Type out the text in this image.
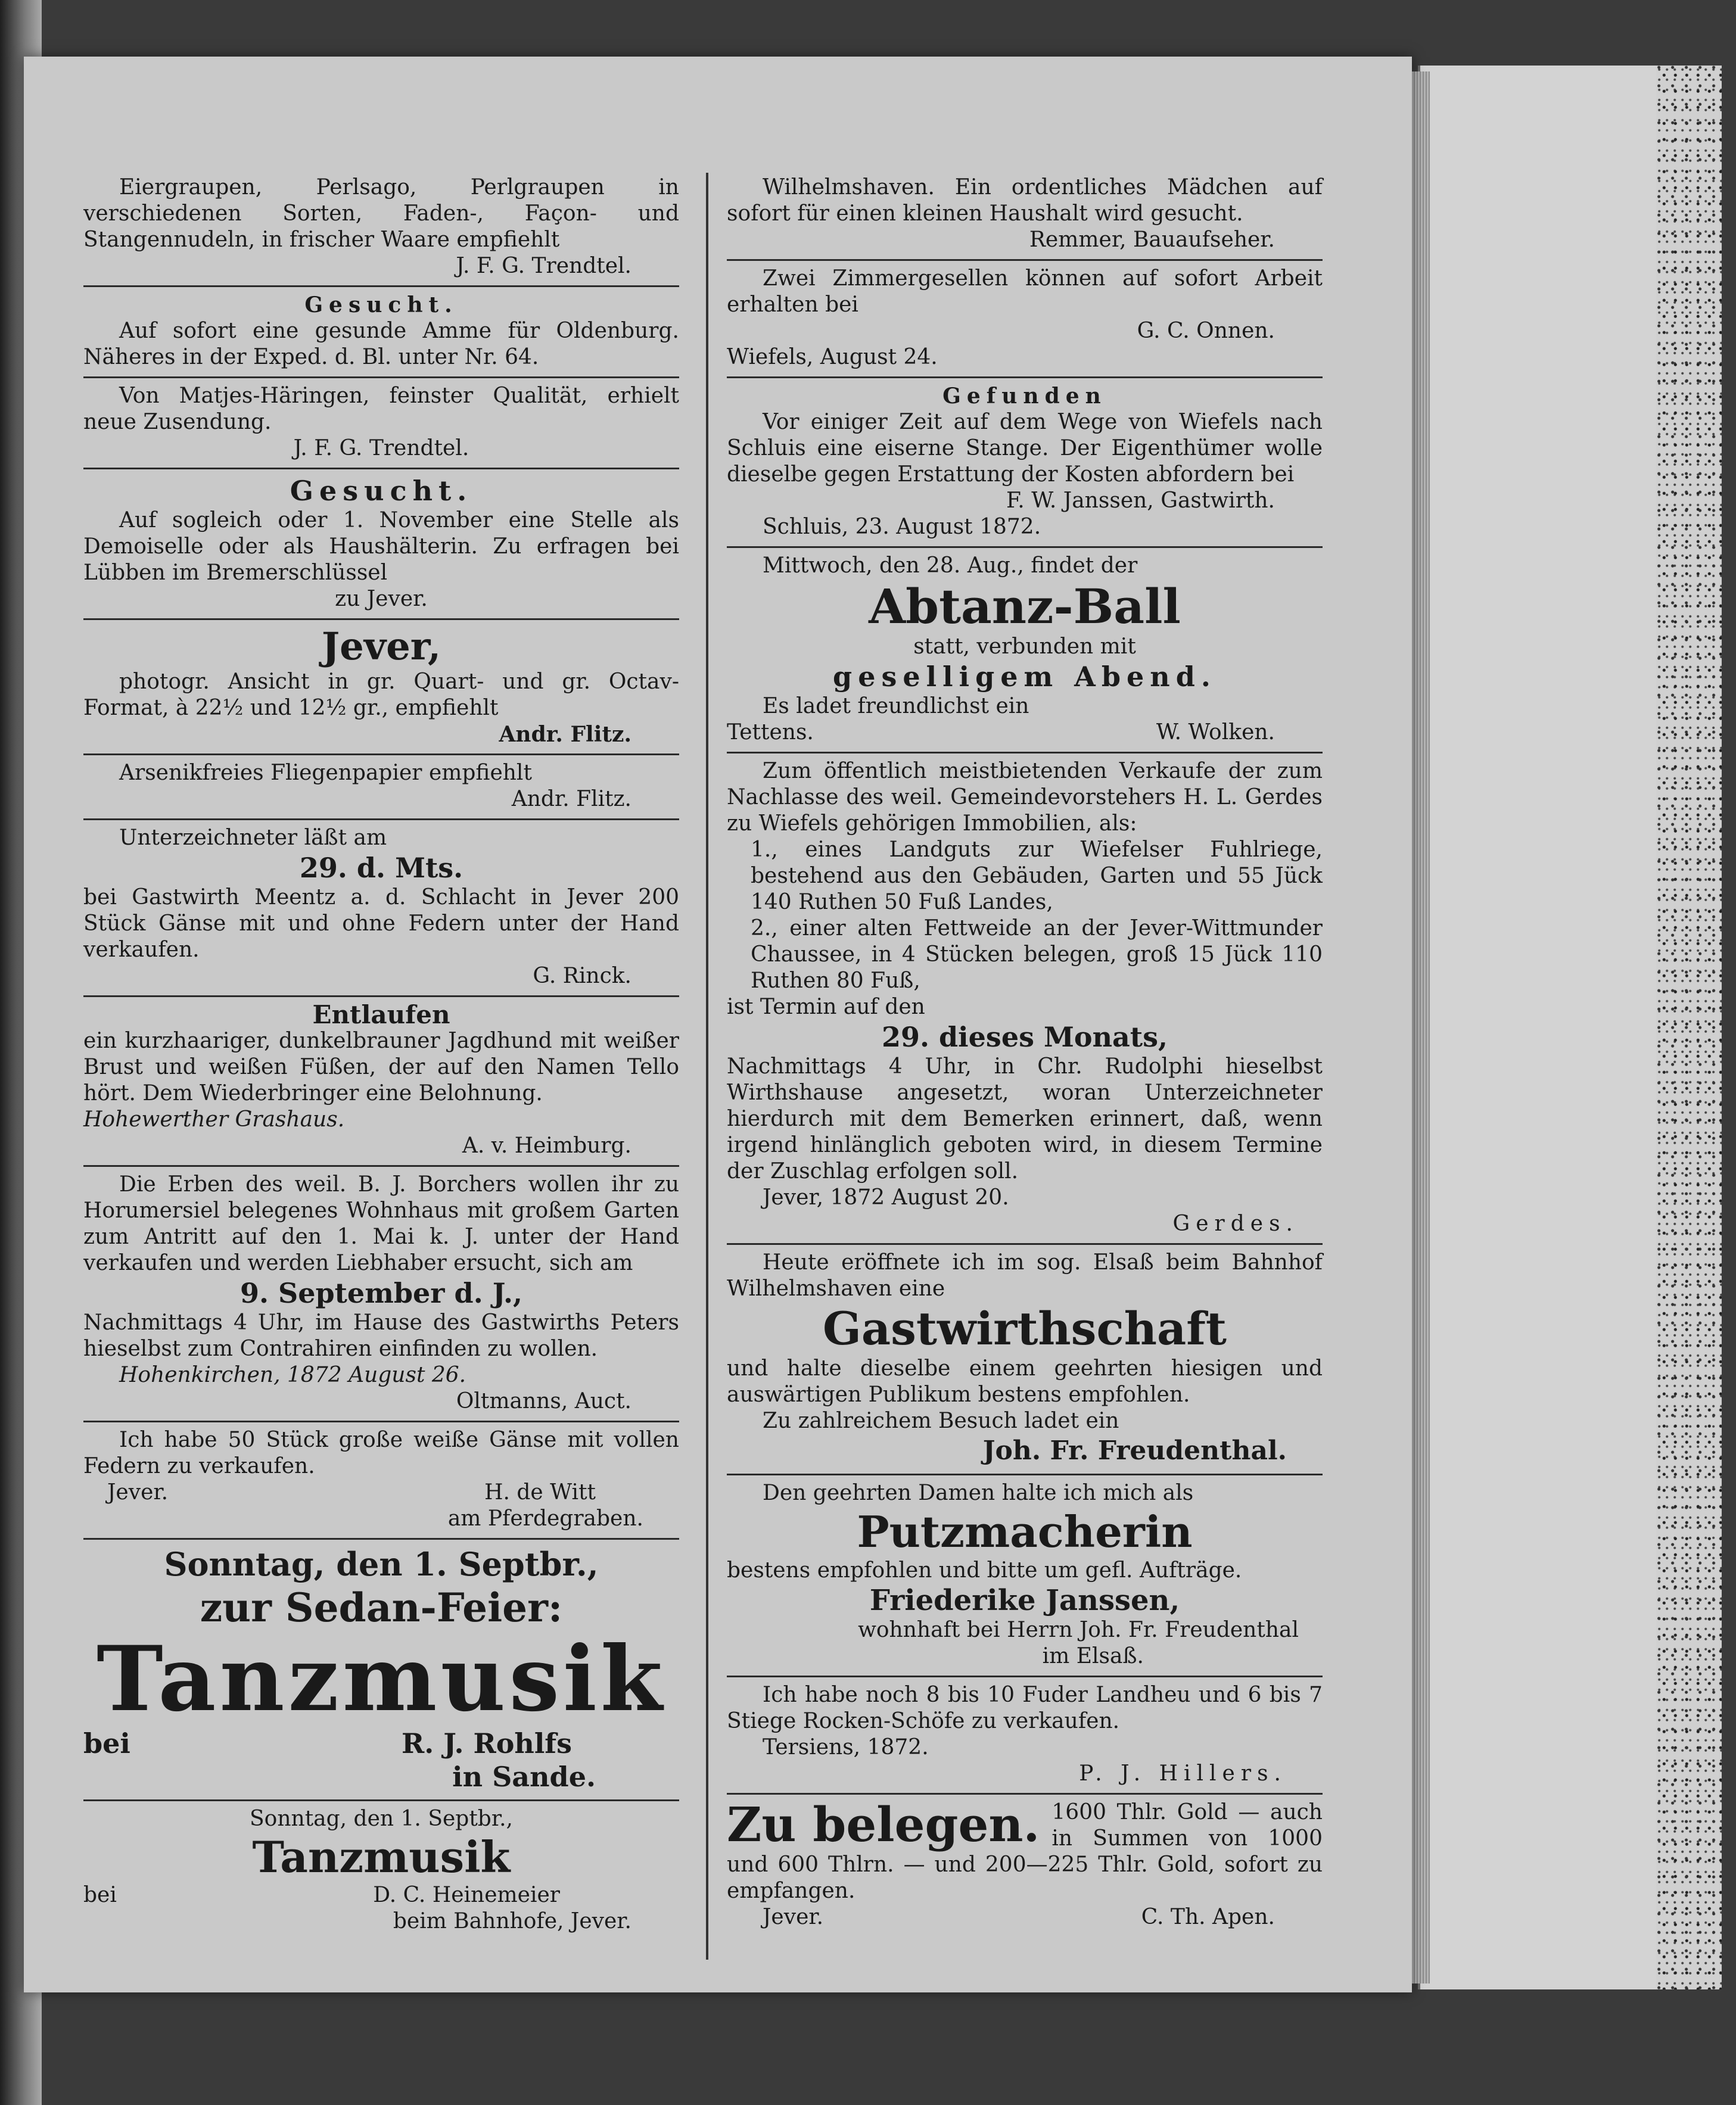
Eiergraupen, Perlsago, Perlgraupen in verschiedenen Sorten, Faden-, Façon- und Stangennudeln, in frischer Waare empfiehlt

J. F. G. Trendtel.

Gesucht.

Auf sofort eine gesunde Amme für Oldenburg. Näheres in der Exped. d. Bl. unter Nr. 64.

Von Matjes-Häringen, feinster Qualität, erhielt neue Zusendung.

J. F. G. Trendtel.

Gesucht.

Auf sogleich oder 1. November eine Stelle als Demoiselle oder als Haushälterin. Zu erfragen bei Lübben im Bremerschlüssel

zu Jever.

Jever,

photogr. Ansicht in gr. Quart- und gr. Octav-Format, à 22½ und 12½ gr., empfiehlt

Andr. Flitz.

Arsenikfreies Fliegenpapier empfiehlt

Andr. Flitz.

Unterzeichneter läßt am

29. d. Mts.

bei Gastwirth Meentz a. d. Schlacht in Jever 200 Stück Gänse mit und ohne Federn unter der Hand verkaufen.

G. Rinck.

Entlaufen

ein kurzhaariger, dunkelbrauner Jagdhund mit weißer Brust und weißen Füßen, der auf den Namen Tello hört. Dem Wiederbringer eine Belohnung.

Hohewerther Grashaus.

A. v. Heimburg.

Die Erben des weil. B. J. Borchers wollen ihr zu Horumersiel belegenes Wohnhaus mit großem Garten zum Antritt auf den 1. Mai k. J. unter der Hand verkaufen und werden Liebhaber ersucht, sich am

9. September d. J.,

Nachmittags 4 Uhr, im Hause des Gastwirths Peters hieselbst zum Contrahiren einfinden zu wollen.

Hohenkirchen, 1872 August 26.

Oltmanns, Auct.

Ich habe 50 Stück große weiße Gänse mit vollen Federn zu verkaufen.

Jever.	H. de Witt

am Pferdegraben.

Sonntag, den 1. Septbr.,

zur Sedan-Feier:

Tanzmusik

bei	R. J. Rohlfs

in Sande.

Sonntag, den 1. Septbr.,

Tanzmusik

bei	D. C. Heinemeier

beim Bahnhofe, Jever.

Wilhelmshaven. Ein ordentliches Mädchen auf sofort für einen kleinen Haushalt wird gesucht.

Remmer, Bauaufseher.

Zwei Zimmergesellen können auf sofort Arbeit erhalten bei

G. C. Onnen.

Wiefels, August 24.

Gefunden

Vor einiger Zeit auf dem Wege von Wiefels nach Schluis eine eiserne Stange. Der Eigenthümer wolle dieselbe gegen Erstattung der Kosten abfordern bei

F. W. Janssen, Gastwirth.

Schluis, 23. August 1872.

Mittwoch, den 28. Aug., findet der

Abtanz-Ball

statt, verbunden mit

geselligem Abend.

Es ladet freundlichst ein

Tettens.	W. Wolken.

Zum öffentlich meistbietenden Verkaufe der zum Nachlasse des weil. Gemeindevorstehers H. L. Gerdes zu Wiefels gehörigen Immobilien, als:

1., eines Landguts zur Wiefelser Fuhlriege, bestehend aus den Gebäuden, Garten und 55 Jück 140 Ruthen 50 Fuß Landes,

2., einer alten Fettweide an der Jever-Wittmunder Chaussee, in 4 Stücken belegen, groß 15 Jück 110 Ruthen 80 Fuß,

ist Termin auf den

29. dieses Monats,

Nachmittags 4 Uhr, in Chr. Rudolphi hieselbst Wirthshause angesetzt, woran Unterzeichneter hierdurch mit dem Bemerken erinnert, daß, wenn irgend hinlänglich geboten wird, in diesem Termine der Zuschlag erfolgen soll.

Jever, 1872 August 20.

Gerdes.

Heute eröffnete ich im sog. Elsaß beim Bahnhof Wilhelmshaven eine

Gastwirthschaft

und halte dieselbe einem geehrten hiesigen und auswärtigen Publikum bestens empfohlen.

Zu zahlreichem Besuch ladet ein

Joh. Fr. Freudenthal.

Den geehrten Damen halte ich mich als

Putzmacherin

bestens empfohlen und bitte um gefl. Aufträge.

Friederike Janssen,

wohnhaft bei Herrn Joh. Fr. Freudenthal

im Elsaß.

Ich habe noch 8 bis 10 Fuder Landheu und 6 bis 7 Stiege Rocken-Schöfe zu verkaufen.

Tersiens, 1872.

P. J. Hillers.

Zu belegen. 1600 Thlr. Gold — auch in Summen von 1000 und 600 Thlrn. — und 200—225 Thlr. Gold, sofort zu empfangen.

Jever.	C. Th. Apen.
